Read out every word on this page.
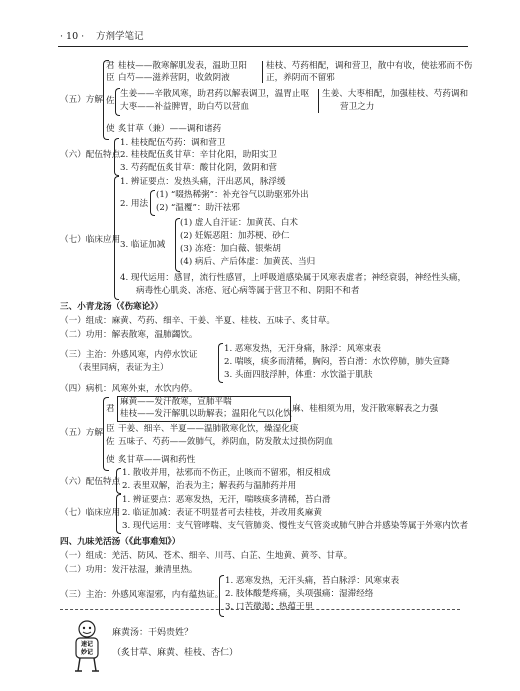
· 10 · 方剂学笔记
（五）方解
君 桂枝——散寒解肌发表，温助卫阳
臣 白芍——滋养营阴，收敛阴液
桂枝、芍药相配，调和营卫，散中有收，使祛邪而不伤
正，养阴而不留邪
佐
生姜——辛散风寒，助君药以解表调卫，温胃止呕
大枣——补益脾胃，助白芍以营血
生姜、大枣相配，加强桂枝、芍药调和
营卫之力
使 炙甘草（兼）——调和诸药
（六）配伍特点
1. 桂枝配伍芍药：调和营卫
2. 桂枝配伍炙甘草：辛甘化阳，助阳实卫
3. 芍药配伍炙甘草：酸甘化阴，敛阴和营
（七）临床应用
1. 辨证要点：发热头痛，汗出恶风，脉浮缓
2. 用法
(1) “啜热稀粥”：补充谷气以助驱邪外出
(2) “温覆”：助汗祛邪
3. 临证加减
(1) 虚人自汗证：加黄芪、白术
(2) 妊娠恶阻：加苏梗、砂仁
(3) 冻疮：加白薇、银柴胡
(4) 病后、产后体虚：加黄芪、当归
4. 现代运用：感冒，流行性感冒，上呼吸道感染属于风寒表虚者；神经衰弱，神经性头痛，
病毒性心肌炎、冻疮、冠心病等属于营卫不和、阴阳不和者
三、小青龙汤（《伤寒论》）
（一）组成：麻黄、芍药、细辛、干姜、半夏、桂枝、五味子、炙甘草。
（二）功用：解表散寒，温肺蠲饮。
（三）主治：外感风寒，内停水饮证
（表里同病，表证为主）
1. 恶寒发热，无汗身痛，脉浮：风寒束表
2. 喘咳，痰多而清稀，胸闷，苔白滑：水饮停肺，肺失宣降
3. 头面四肢浮肿，体重：水饮溢于肌肤
（四）病机：风寒外束，水饮内停。
（五）方解
君
麻黄——发汗散寒，宣肺平喘
桂枝——发汗解肌以助解表；温阳化气以化饮 麻、桂相须为用，发汗散寒解表之力强
臣 干姜、细辛、半夏——温肺散寒化饮，燥湿化痰
佐 五味子、芍药——敛肺气，养阴血，防发散太过损伤阴血
使 炙甘草——调和药性
（六）配伍特点
1. 散收并用，祛邪而不伤正，止咳而不留邪，相反相成
2. 表里双解，治表为主；解表药与温肺药并用
（七）临床应用
1. 辨证要点：恶寒发热，无汗，喘咳痰多清稀，苔白滑
2. 临证加减：表证不明显者可去桂枝，并改用炙麻黄
3. 现代运用：支气管哮喘、支气管肺炎、慢性支气管炎或肺气肿合并感染等属于外寒内饮者
四、九味羌活汤（《此事难知》）
（一）组成：羌活、防风、苍术、细辛、川芎、白芷、生地黄、黄芩、甘草。
（二）功用：发汗祛湿，兼清里热。
（三）主治：外感风寒湿邪，内有蕴热证。
1. 恶寒发热，无汗头痛，苔白脉浮：风寒束表
2. 肢体酸楚疼痛，头项强痛：湿滞经络
3. 口苦微渴：热蕴于里
速记
妙记
麻黄汤：干妈贵姓？
（炙甘草、麻黄、桂枝、杏仁）
